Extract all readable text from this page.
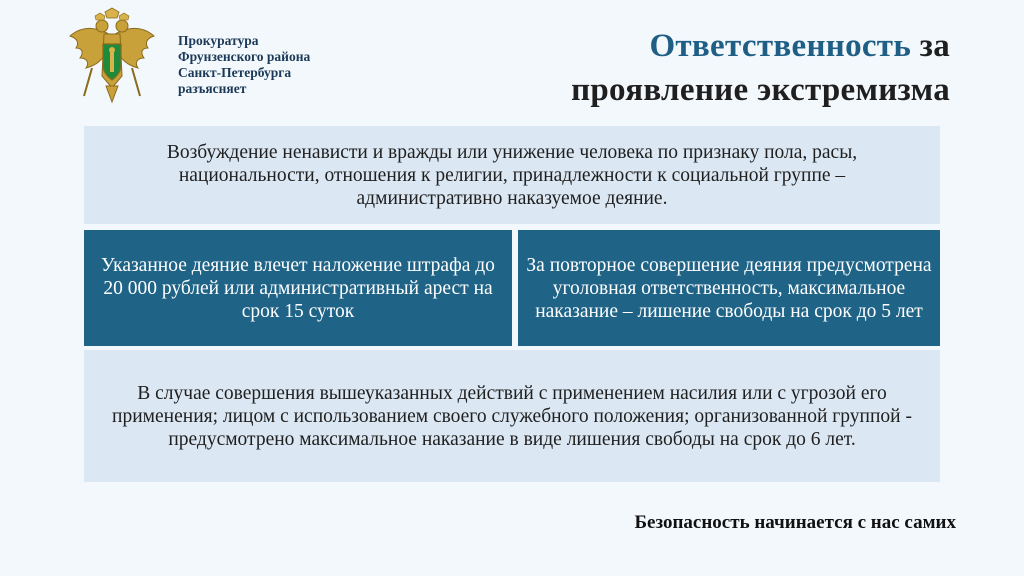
Прокуратура
Фрунзенского района
Санкт-Петербурга
разъясняет
Ответственность за
проявление экстремизма
Возбуждение ненависти и вражды или унижение человека по признаку пола, расы, национальности, отношения к религии, принадлежности к социальной группе – административно наказуемое деяние.
Указанное деяние влечет наложение штрафа до 20 000 рублей или административный арест на срок 15 суток
За повторное совершение деяния предусмотрена уголовная ответственность, максимальное наказание – лишение свободы на срок до 5 лет
В случае совершения вышеуказанных действий с применением насилия или с угрозой его применения; лицом с использованием своего служебного положения; организованной группой - предусмотрено максимальное наказание в виде лишения свободы на срок до 6 лет.
Безопасность начинается с нас самих
